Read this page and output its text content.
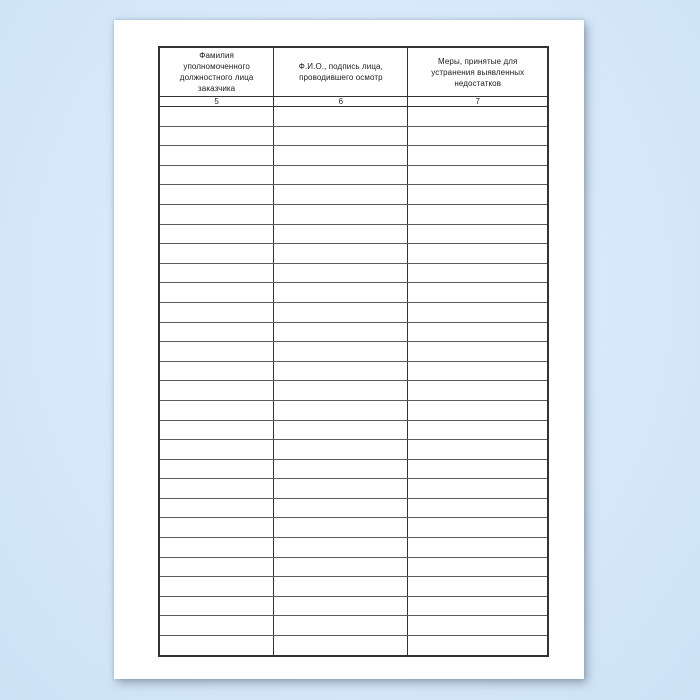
Фамилия уполномоченного должностного лица заказчика	Ф.И.О., подпись лица, проводившего осмотр	Меры, принятые для устранения выявленных недостатков
5	6	7
